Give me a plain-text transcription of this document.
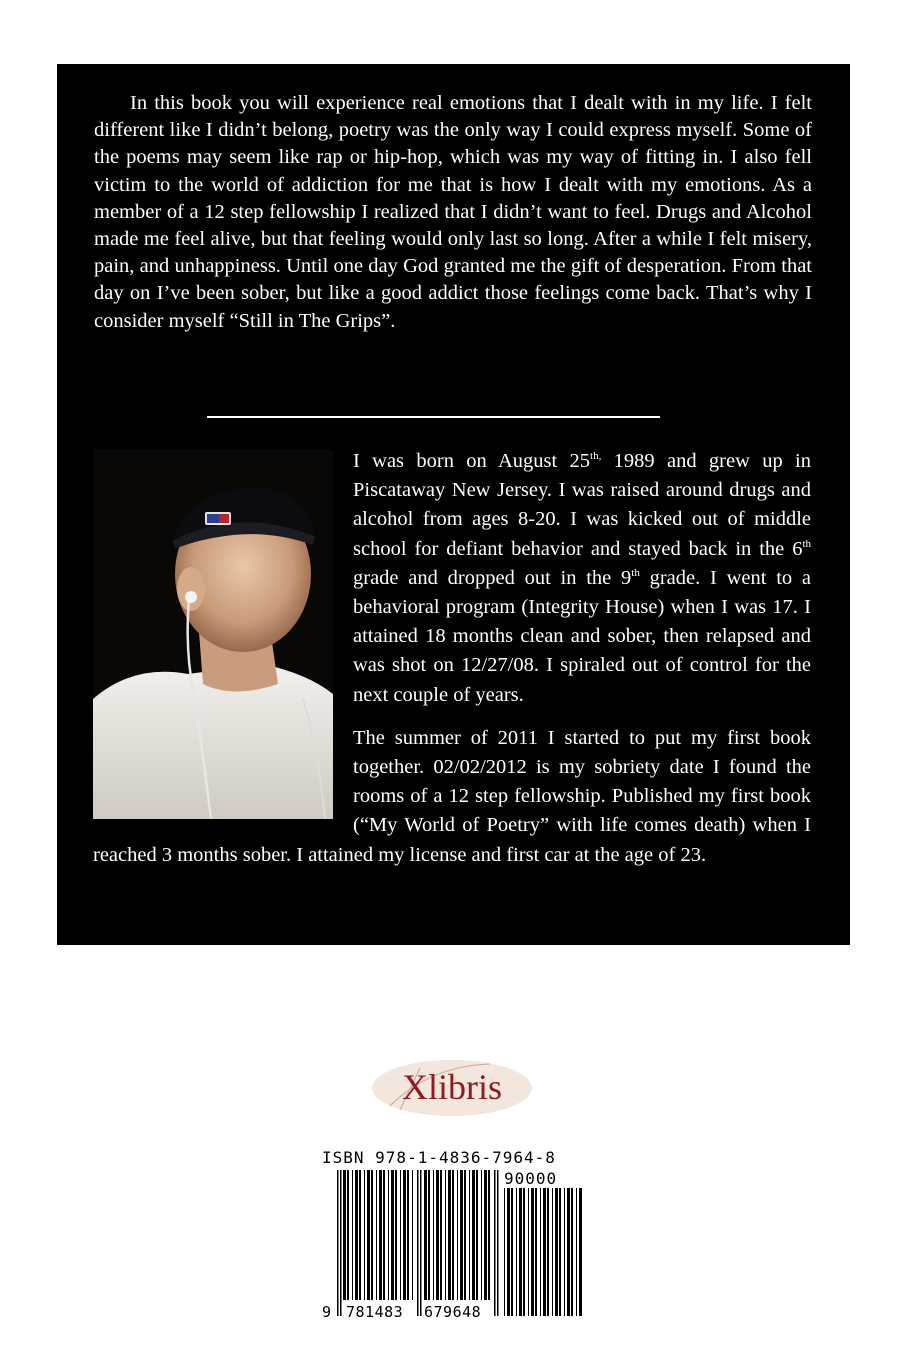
In this book you will experience real emotions that I dealt with in my life. I felt different like I didn’t belong, poetry was the only way I could express myself. Some of the poems may seem like rap or hip-hop, which was my way of fitting in. I also fell victim to the world of addiction for me that is how I dealt with my emotions. As a member of a 12 step fellowship I realized that I didn’t want to feel. Drugs and Alcohol made me feel alive, but that feeling would only last so long. After a while I felt misery, pain, and unhappiness. Until one day God granted me the gift of desperation. From that day on I’ve been sober, but like a good addict those feelings come back. That’s why I consider myself “Still in The Grips”.

I was born on August $25^{th,}$ 1989 and grew up in Piscataway New Jersey. I was raised around drugs and alcohol from ages 8-20. I was kicked out of middle school for defiant behavior and stayed back in the 6th grade and dropped out in the 9th grade. I went to a behavioral program (Integrity House) when I was 17. I attained 18 months clean and sober, then relapsed and was shot on 12/27/08. I spiraled out of control for the next couple of years.

The summer of 2011 I started to put my first book together. 02/02/2012 is my sobriety date I found the rooms of a 12 step fellowship. Published my first book (“My World of Poetry” with life comes death) when I reached 3 months sober. I attained my license and first car at the age of 23.

Xlibris
ISBN 978-1-4836-7964-8
90000
9 781483 679648
